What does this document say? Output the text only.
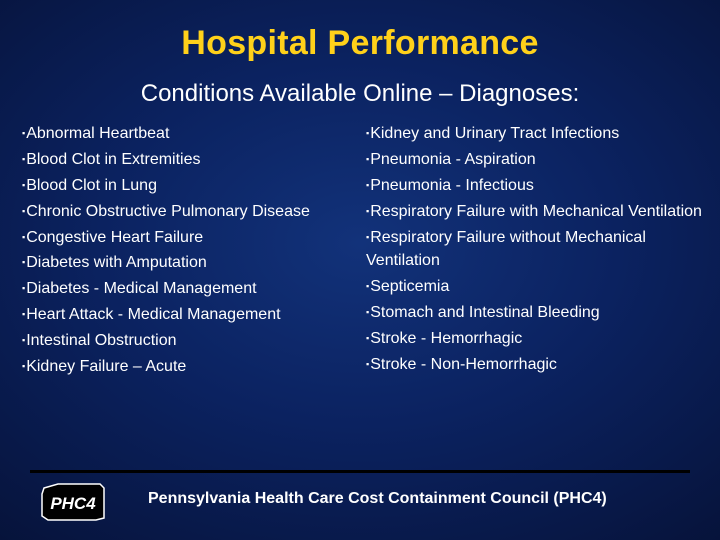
Hospital Performance
Conditions Available Online – Diagnoses:
▪Abnormal Heartbeat
▪Blood Clot in Extremities
▪Blood Clot in Lung
▪Chronic Obstructive Pulmonary Disease
▪Congestive Heart Failure
▪Diabetes with Amputation
▪Diabetes - Medical Management
▪Heart Attack - Medical Management
▪Intestinal Obstruction
▪Kidney Failure – Acute
▪Kidney and Urinary Tract Infections
▪Pneumonia - Aspiration
▪Pneumonia - Infectious
▪Respiratory Failure with Mechanical Ventilation
▪Respiratory Failure without Mechanical Ventilation
▪Septicemia
▪Stomach and Intestinal Bleeding
▪Stroke - Hemorrhagic
▪Stroke - Non-Hemorrhagic
PHC4	Pennsylvania Health Care Cost Containment Council (PHC4)
